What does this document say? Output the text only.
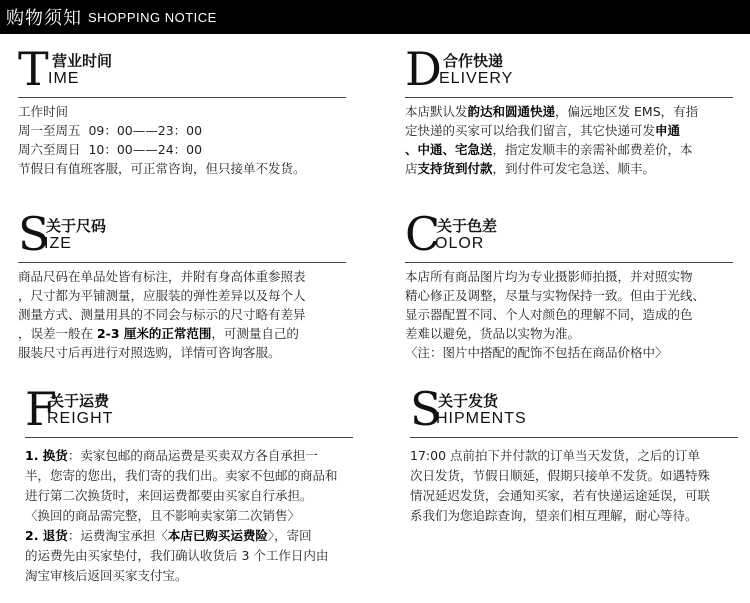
购物须知 SHOPPING NOTICE
T 营业时间
IME
工作时间
周一至周五  09：00——23：00
周六至周日  10：00——24：00
节假日有值班客服，可正常咨询，但只接单不发货。
D 合作快递
ELIVERY
本店默认发韵达和圆通快递，偏远地区发 EMS，有指
定快递的买家可以给我们留言，其它快递可发申通
、中通、宅急送，指定发顺丰的亲需补邮费差价，本
店支持货到付款，到付件可发宅急送、顺丰。
S
关于尺码
IZE
商品尺码在单品处皆有标注，并附有身高体重参照表
，尺寸都为平铺测量，应服装的弹性差异以及每个人
测量方式、测量用具的不同会与标示的尺寸略有差异
，误差一般在 2-3 厘米的正常范围，可测量自己的
服装尺寸后再进行对照选购，详情可咨询客服。
C
关于色差
OLOR
本店所有商品图片均为专业摄影师拍摄，并对照实物
精心修正及调整，尽量与实物保持一致。但由于光线、
显示器配置不同、个人对颜色的理解不同，造成的色
差难以避免，货品以实物为准。
〈注：图片中搭配的配饰不包括在商品价格中〉
F
关于运费
REIGHT
1. 换货：卖家包邮的商品运费是买卖双方各自承担一
半，您寄的您出，我们寄的我们出。卖家不包邮的商品和
进行第二次换货时，来回运费都要由买家自行承担。
〈换回的商品需完整，且不影响卖家第二次销售〉
2. 退货：运费淘宝承担〈本店已购买运费险〉，寄回
的运费先由买家垫付，我们确认收货后 3 个工作日内由
淘宝审核后返回买家支付宝。
S
关于发货
HIPMENTS
17:00 点前拍下并付款的订单当天发货，之后的订单
次日发货，节假日顺延，假期只接单不发货。如遇特殊
情况延迟发货，会通知买家，若有快递运途延误，可联
系我们为您追踪查询，望亲们相互理解，耐心等待。
